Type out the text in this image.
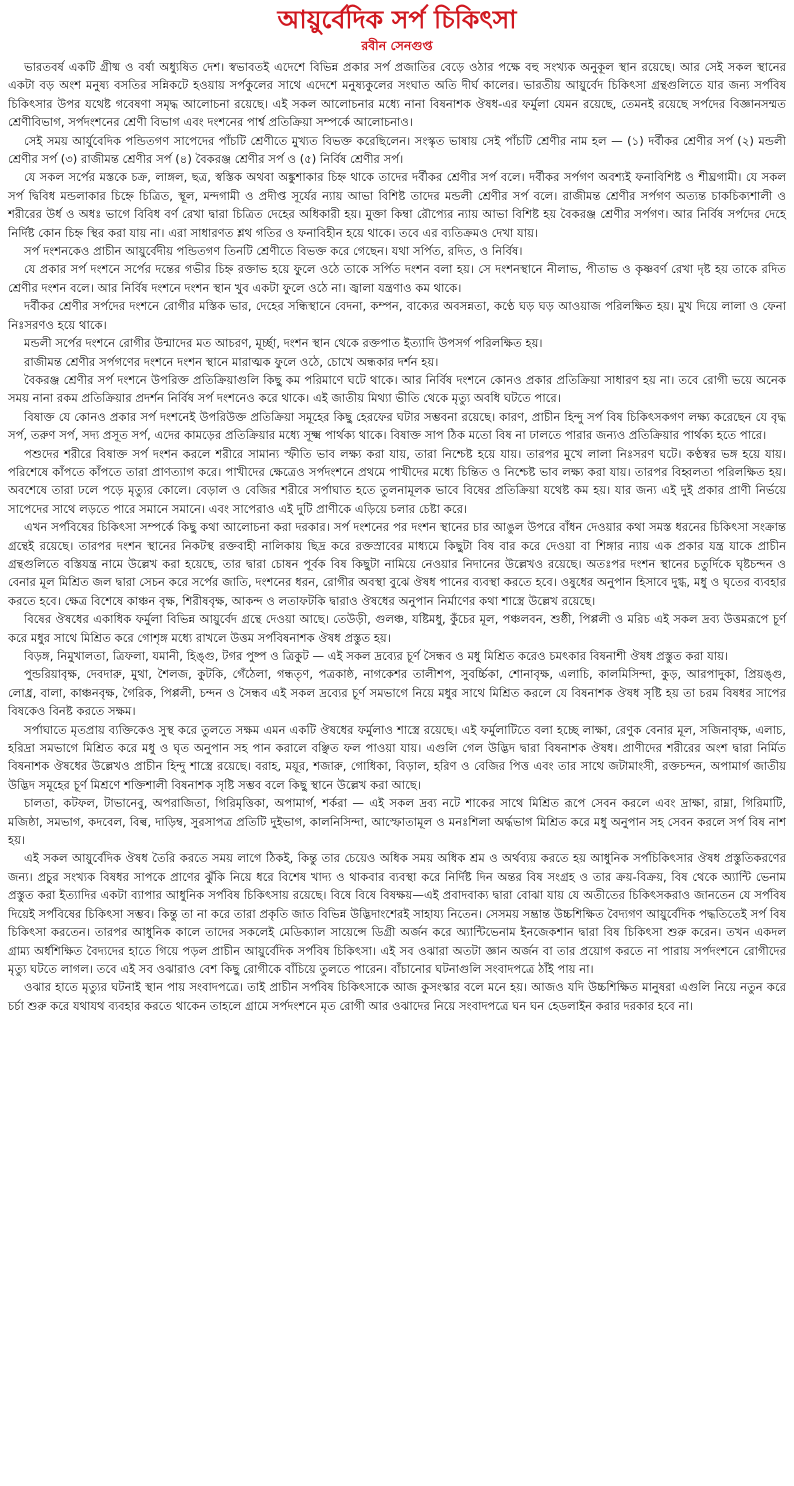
আয়ুর্বেদিক সর্প চিকিৎসা
রবীন সেনগুপ্ত

ভারতবর্ষ একটি গ্রীষ্ম ও বর্ষা অধ্যুষিত দেশ। স্বভাবতই এদেশে বিভিন্ন প্রকার সর্প প্রজাতির বেড়ে ওঠার পক্ষে বহু সংখ্যক অনুকূল স্থান রয়েছে। আর সেই সকল স্থানের একটা বড় অংশ মনুষ্য বসতির সন্নিকটে হওয়ায় সর্পকুলের সাথে এদেশে মনুষ্যকুলের সংঘাত অতি দীর্ঘ কালের। ভারতীয় আয়ুর্বেদ চিকিৎসা গ্রন্থগুলিতে যার জন্য সর্পবিষ চিকিৎসার উপর যথেষ্ট গবেষণা সমৃদ্ধ আলোচনা রয়েছে। এই সকল আলোচনার মধ্যে নানা বিষনাশক ঔষধ-এর ফর্মুলা যেমন রয়েছে, তেমনই রয়েছে সর্পদের বিজ্ঞানসম্মত শ্রেণীবিভাগ, সর্পদংশনের শ্রেণী বিভাগ এবং দংশনের পার্শ্ব প্রতিক্রিয়া সম্পর্কে আলোচনাও।

সেই সময় আর্যুবেদিক পন্ডিতগণ সাপেদের পাঁচটি শ্রেণীতে মুখ্যত বিভক্ত করেছিলেন। সংস্কৃত ভাষায় সেই পাঁচটি শ্রেণীর নাম হল — (১) দর্বীকর শ্রেণীর সর্প (২) মন্ডলী শ্রেণীর সর্প (৩) রাজীমন্ত শ্রেণীর সর্প (৪) বৈকরঞ্জ শ্রেণীর সর্প ও (৫) নির্বিষ শ্রেণীর সর্প।

যে সকল সর্পের মস্তকে চক্র, লাঙ্গল, ছত্র, স্বস্তিক অথবা অঙ্কুশাকার চিহ্ন থাকে তাদের দর্বীকর শ্রেণীর সর্প বলে। দর্বীকর সর্পগণ অবশ্যই ফনাবিশিষ্ট ও শীঘ্রগামী। যে সকল সর্প দ্বিবিধ মন্ডলাকার চিহ্নে চিত্রিত, স্থূল, মন্দগামী ও প্রদীপ্ত সূর্যের ন্যায় আভা বিশিষ্ট তাদের মন্ডলী শ্রেণীর সর্প বলে। রাজীমন্ত শ্রেণীর সর্পগণ অত্যন্ত চাকচিক্যশালী ও শরীরের উর্ধ ও অধঃ ভাগে বিবিধ বর্ণ রেখা দ্বারা চিত্রিত দেহের অধিকারী হয়। মুক্তা কিম্বা রৌপ্যের ন্যায় আভা বিশিষ্ট হয় বৈকরঞ্জ শ্রেণীর সর্পগণ। আর নির্বিষ সর্পদের দেহে নির্দিষ্ট কোন চিহ্ন স্থির করা যায় না। এরা সাধারণত শ্লথ গতির ও ফনাবিহীন হয়ে থাকে। তবে এর ব্যতিক্রমও দেখা যায়।

সর্প দংশনকেও প্রাচীন আয়ুর্বেদীয় পন্ডিতগণ তিনটি শ্রেণীতে বিভক্ত করে গেছেন। যথা সর্পিত, রদিত, ও নির্বিষ।

যে প্রকার সর্প দংশনে সর্পের দন্তের গভীর চিহ্ন রক্তাভ হয়ে ফুলে ওঠে তাকে সর্পিত দংশন বলা হয়। সে দংশনস্থানে নীলাভ, পীতাভ ও কৃষ্ণবর্ণ রেখা দৃষ্ট হয় তাকে রদিত শ্রেণীর দংশন বলে। আর নির্বিষ দংশনে দংশন স্থান খুব একটা ফুলে ওঠে না। জ্বালা যন্ত্রণাও কম থাকে।

দর্বীকর শ্রেণীর সর্পদের দংশনে রোগীর মস্তিক ভার, দেহের সন্ধিস্থানে বেদনা, কম্পন, বাক্যের অবসন্নতা, কণ্ঠে ঘড় ঘড় আওয়াজ পরিলক্ষিত হয়। মুখ দিয়ে লালা ও ফেনা নিঃসরণও হয়ে থাকে।

মন্ডলী সর্পের দংশনে রোগীর উন্মাদের মত আচরণ, মূর্চ্ছা, দংশন স্থান থেকে রক্তপাত ইত্যাদি উপসর্গ পরিলক্ষিত হয়।

রাজীমন্ত শ্রেণীর সর্পগণের দংশনে দংশন স্থানে মারাত্মক ফুলে ওঠে, চোখে অন্ধকার দর্শন হয়।

বৈকরঞ্জ শ্রেণীর সর্প দংশনে উপরিক্ত প্রতিক্রিয়াগুলি কিছু কম পরিমাণে ঘটে থাকে। আর নির্বিষ দংশনে কোনও প্রকার প্রতিক্রিয়া সাধারণ হয় না। তবে রোগী ভয়ে অনেক সময় নানা রকম প্রতিক্রিয়ার প্রদর্শন নির্বিষ সর্প দংশনেও করে থাকে। এই জাতীয় মিথ্যা ভীতি থেকে মৃত্যু অবধি ঘটতে পারে।

বিষাক্ত যে কোনও প্রকার সর্প দংশনেই উপরিউক্ত প্রতিক্রিয়া সমূহের কিছু হেরফের ঘটার সম্ভবনা রয়েছে। কারণ, প্রাচীন হিন্দু সর্প বিষ চিকিৎসকগণ লক্ষ্য করেছেন যে বৃদ্ধ সর্প, তরুণ সর্প, সদ্য প্রসূত সর্প, এদের কামড়ের প্রতিক্রিয়ার মধ্যে সূক্ষ্ম পার্থক্য থাকে। বিষাক্ত সাপ ঠিক মতো বিষ না ঢালতে পারার জন্যও প্রতিক্রিয়ার পার্থক্য হতে পারে।

পশুদের শরীরে বিষাক্ত সর্প দংশন করলে শরীরে সামান্য স্ফীতি ভাব লক্ষ্য করা যায়, তারা নিশ্চেষ্ট হয়ে যায়। তারপর মুখে লালা নিঃসরণ ঘটে। কণ্ঠস্বর ভঙ্গ হয়ে যায়। পরিশেষে কাঁপতে কাঁপতে তারা প্রাণত্যাগ করে। পাখীদের ক্ষেত্রেও সর্পদংশনে প্রথমে পাখীদের মধ্যে চিন্তিত ও নিশ্চেষ্ট ভাব লক্ষ্য করা যায়। তারপর বিহ্বলতা পরিলক্ষিত হয়। অবশেষে তারা ঢলে পড়ে মৃত্যুর কোলে। বেড়াল ও বেজির শরীরে সর্পাঘাত হতে তুলনামূলক ভাবে বিষের প্রতিক্রিয়া যথেষ্ট কম হয়। যার জন্য এই দুই প্রকার প্রাণী নির্ভয়ে সাপেদের সাথে লড়তে পারে সমানে সমানে। এবং সাপেরাও এই দুটি প্রাণীকে এড়িয়ে চলার চেষ্টা করে।

এখন সর্পবিষের চিকিৎসা সম্পর্কে কিছু কথা আলোচনা করা দরকার। সর্প দংশনের পর দংশন স্থানের চার আঙুল উপরে বাঁধন দেওয়ার কথা সমস্ত ধরনের চিকিৎসা সংক্রান্ত গ্রন্থেই রয়েছে। তারপর দংশন স্থানের নিকটস্থ রক্তবাহী নালিকায় ছিদ্র করে রক্তস্রাবের মাধ্যমে কিছুটা বিষ বার করে দেওয়া বা শিঙ্গার ন্যায় এক প্রকার যন্ত্র যাকে প্রাচীন গ্রন্থগুলিতে বস্তিযন্ত্র নামে উল্লেখ করা হয়েছে, তার দ্বারা চোষন পূর্বক বিষ কিছুটা নামিয়ে নেওয়ার নিদানের উল্লেখও রয়েছে। অতঃপর দংশন স্থানের চতুর্দিকে ঘৃষ্টচন্দন ও বেনার মূল মিশ্রিত জল দ্বারা সেচন করে সর্পের জাতি, দংশনের ধরন, রোগীর অবস্থা বুঝে ঔষধ পানের ব্যবস্থা করতে হবে। ওষুধের অনুপান হিসাবে দুগ্ধ, মধু ও ঘৃতের ব্যবহার করতে হবে। ক্ষেত্র বিশেষে কাঞ্চন বৃক্ষ, শিরীষবৃক্ষ, আকন্দ ও লতাফটকি দ্বারাও ঔষধের অনুপান নির্মাণের কথা শাস্ত্রে উল্লেখ রয়েছে।

বিষের ঔষধের একাধিক ফর্মুলা বিভিন্ন আয়ুর্বেদ গ্রন্থে দেওয়া আছে। তেউড়ী, গুলঞ্চ, যষ্টিমধু, কুঁচের মূল, পঞ্চলবন, শুষ্ঠী, পিপ্পলী ও মরিচ এই সকল দ্রব্য উত্তমরূপে চূর্ণ করে মধুর সাথে মিশ্রিত করে গোশৃঙ্গ মধ্যে রাখলে উত্তম সর্পবিষনাশক ঔষধ প্রস্তুত হয়।

বিড়ঙ্গ, নিমুখালতা, ত্রিফলা, যমানী, হিঙ্গু, টগর পুষ্প ও ত্রিকুট — এই সকল দ্রব্যের চূর্ণ সৈন্ধব ও মধু মিশ্রিত করেও চমৎকার বিষনাশী ঔষধ প্রস্তুত করা যায়।

পুন্ডরিয়াবৃক্ষ, দেবদারু, মুথা, শৈলজ, কুটকি, গেঁঠেলা, গন্ধতৃণ, পত্রকাষ্ঠ, নাগকেশর তালীশপ, সুবর্চ্চিকা, শোনাবৃক্ষ, এলাচি, কালমিসিন্দা, কুড়, আরপাদুকা, প্রিয়ঙ্গু, লোধ্র, বালা, কাঞ্চনবৃক্ষ, গৈরিক, পিপ্পলী, চন্দন ও সৈন্ধব এই সকল দ্রব্যের চূর্ণ সমভাগে নিয়ে মধুর সাথে মিশ্রিত করলে যে বিষনাশক ঔষধ সৃষ্টি হয় তা চরম বিষধর সাপের বিষকেও বিনষ্ট করতে সক্ষম।

সর্পাঘাতে মৃতপ্রায় ব্যক্তিকেও সুস্থ করে তুলতে সক্ষম এমন একটি ঔষধের ফর্মুলাও শাস্ত্রে রয়েছে। এই ফর্মুলাটিতে বলা হচ্ছে লাক্ষা, রেণুক বেনার মূল, সজিনাবৃক্ষ, এলাচ, হরিদ্রা সমভাগে মিশ্রিত করে মধু ও ঘৃত অনুপান সহ পান করালে বঞ্ছিত ফল পাওয়া যায়। এগুলি গেল উদ্ভিদ দ্বারা বিষনাশক ঔষধ। প্রাণীদের শরীরের অংশ দ্বারা নির্মিত বিষনাশক ঔষধের উল্লেখও প্রাচীন হিন্দু শাস্ত্রে রয়েছে। বরাহ, ময়ূর, শজারু, গোধিকা, বিড়াল, হরিণ ও বেজির পিত্ত এবং তার সাথে জটামাংসী, রক্তচন্দন, অপামার্গ জাতীয় উদ্ভিদ সমূহের চূর্ণ মিশ্রণে শক্তিশালী বিষনাশক সৃষ্টি সম্ভব বলে কিছু স্থানে উল্লেখ করা আছে।

চালতা, কটফল, টাভানেবু, অপরাজিতা, গিরিমৃত্তিকা, অপামার্গ, শর্করা — এই সকল দ্রব্য নটে শাকের সাথে মিশ্রিত রূপে সেবন করলে এবং দ্রাক্ষা, রাম্না, গিরিমাটি, মজিষ্ঠা, সমভাগ, কদবেল, বিল্ব, দাড়িম্ব, সুরসাপত্র প্রতিটি দুইভাগ, কালনিসিন্দা, আস্ফোতামূল ও মনঃশিলা অর্দ্ধভাগ মিশ্রিত করে মধু অনুপান সহ সেবন করলে সর্প বিষ নাশ হয়।

এই সকল আয়ুর্বেদিক ঔষধ তৈরি করতে সময় লাগে ঠিকই, কিন্তু তার চেয়েও অধিক সময় অধিক শ্রম ও অর্থব্যয় করতে হয় আধুনিক সর্পচিকিৎসার ঔষধ প্রস্তুতিকরণের জন্য। প্রচুর সংখ্যক বিষধর সাপকে প্রাণের ঝুঁকি নিয়ে ধরে বিশেষ খাদ্য ও থাকবার ব্যবস্থা করে নির্দিষ্ট দিন অন্তর বিষ সংগ্রহ ও তার ক্রয়-বিক্রয়, বিষ থেকে অ্যান্টি ভেনাম প্রস্তুত করা ইত্যাদির একটা ব্যাপার আধুনিক সর্পবিষ চিকিৎসায় রয়েছে। বিষে বিষে বিষক্ষয়—এই প্রবাদবাক্য দ্বারা বোঝা যায় যে অতীতের চিকিৎসকরাও জানতেন যে সর্পবিষ দিয়েই সর্পবিষের চিকিৎসা সম্ভব। কিন্তু তা না করে তারা প্রকৃতি জাত বিভিন্ন উদ্ভিদাংশেরই সাহায্য নিতেন। সেসময় সম্ভ্রান্ত উচ্চশিক্ষিত বৈদ্যগণ আয়ুর্বেদিক পদ্ধতিতেই সর্প বিষ চিকিৎসা করতেন। তারপর আধুনিক কালে তাদের সকলেই মেডিক্যাল সায়েন্সে ডিগ্রী অর্জন করে অ্যান্টিভেনাম ইনজেকশান দ্বারা বিষ চিকিৎসা শুরু করেন। তখন একদল গ্রাম্য অর্ধশিক্ষিত বৈদ্যদের হাতে গিয়ে পড়ল প্রাচীন আয়ুর্বেদিক সর্পবিষ চিকিৎসা। এই সব ওঝারা অতটা জ্ঞান অর্জন বা তার প্রয়োগ করতে না পারায় সর্পদংশনে রোগীদের মৃত্যু ঘটতে লাগল। তবে এই সব ওঝারাও বেশ কিছু রোগীকে বাঁচিয়ে তুলতে পারেন। বাঁচানোর ঘটনাগুলি সংবাদপত্রে ঠাঁই পায় না।

ওঝার হাতে মৃত্যুর ঘটনাই স্থান পায় সংবাদপত্রে। তাই প্রাচীন সর্পবিষ চিকিৎসাকে আজ কুসংস্কার বলে মনে হয়। আজও যদি উচ্চশিক্ষিত মানুষরা এগুলি নিয়ে নতুন করে চর্চা শুরু করে যথাযথ ব্যবহার করতে থাকেন তাহলে গ্রামে সর্পদংশনে মৃত রোগী আর ওঝাদের নিয়ে সংবাদপত্রে ঘন ঘন হেডলাইন করার দরকার হবে না।
